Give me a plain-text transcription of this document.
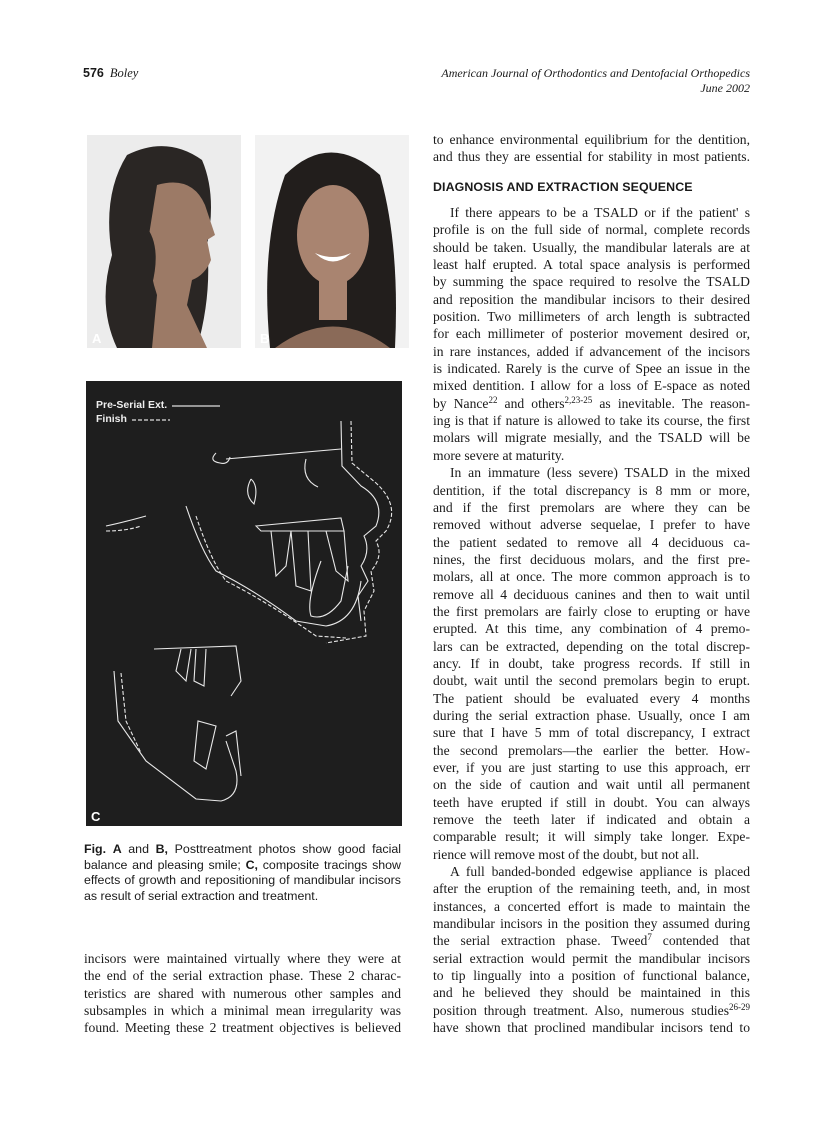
576 Boley	American Journal of Orthodontics and Dentofacial Orthopedics
June 2002
A	B
Pre-Serial Ext.
Finish
C
Fig. A and B, Posttreatment photos show good facial balance and pleasing smile; C, composite tracings show effects of growth and repositioning of mandibular incisors as result of serial extraction and treatment.
incisors were maintained virtually where they were at
the end of the serial extraction phase. These 2 charac-
teristics are shared with numerous other samples and
subsamples in which a minimal mean irregularity was
found. Meeting these 2 treatment objectives is believed
to enhance environmental equilibrium for the dentition,
and thus they are essential for stability in most patients.
DIAGNOSIS AND EXTRACTION SEQUENCE
If there appears to be a TSALD or if the patient' s
profile is on the full side of normal, complete records
should be taken. Usually, the mandibular laterals are at
least half erupted. A total space analysis is performed
by summing the space required to resolve the TSALD
and reposition the mandibular incisors to their desired
position. Two millimeters of arch length is subtracted
for each millimeter of posterior movement desired or,
in rare instances, added if advancement of the incisors
is indicated. Rarely is the curve of Spee an issue in the
mixed dentition. I allow for a loss of E-space as noted
by Nance$^{22}$ and others$^{2,23-25}$ as inevitable. The reason-
ing is that if nature is allowed to take its course, the first
molars will migrate mesially, and the TSALD will be
more severe at maturity.
In an immature (less severe) TSALD in the mixed
dentition, if the total discrepancy is 8 mm or more,
and if the first premolars are where they can be
removed without adverse sequelae, I prefer to have
the patient sedated to remove all 4 deciduous ca-
nines, the first deciduous molars, and the first pre-
molars, all at once. The more common approach is to
remove all 4 deciduous canines and then to wait until
the first premolars are fairly close to erupting or have
erupted. At this time, any combination of 4 premo-
lars can be extracted, depending on the total discrep-
ancy. If in doubt, take progress records. If still in
doubt, wait until the second premolars begin to erupt.
The patient should be evaluated every 4 months
during the serial extraction phase. Usually, once I am
sure that I have 5 mm of total discrepancy, I extract
the second premolars—the earlier the better. How-
ever, if you are just starting to use this approach, err
on the side of caution and wait until all permanent
teeth have erupted if still in doubt. You can always
remove the teeth later if indicated and obtain a
comparable result; it will simply take longer. Expe-
rience will remove most of the doubt, but not all.
A full banded-bonded edgewise appliance is placed
after the eruption of the remaining teeth, and, in most
instances, a concerted effort is made to maintain the
mandibular incisors in the position they assumed during
the serial extraction phase. Tweed$^7$ contended that
serial extraction would permit the mandibular incisors
to tip lingually into a position of functional balance,
and he believed they should be maintained in this
position through treatment. Also, numerous studies$^{26-29}$
have shown that proclined mandibular incisors tend to
